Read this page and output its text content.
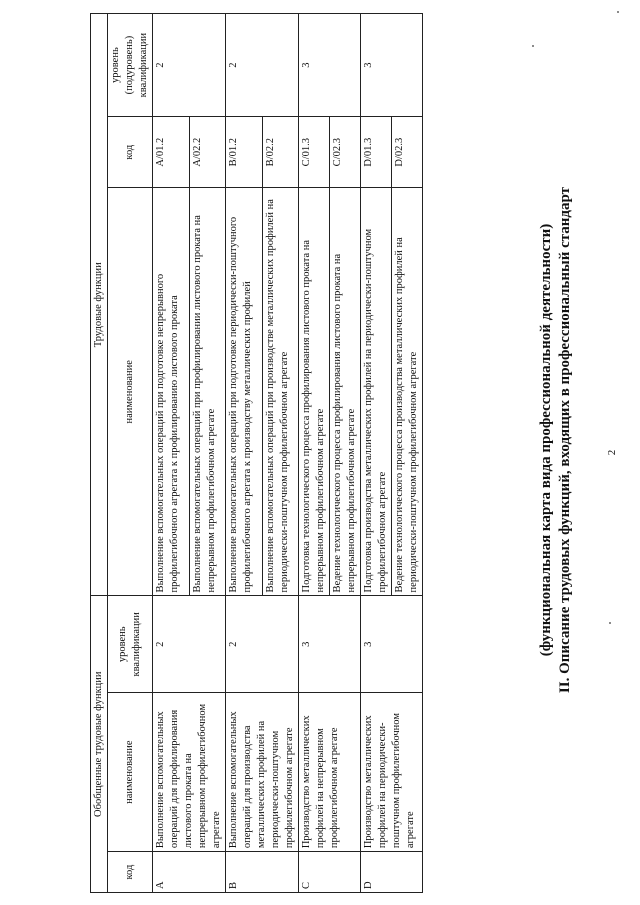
2
II. Описание трудовых функций, входящих в профессиональный стандарт
(функциональная карта вида профессиональной деятельности)
Обобщенные трудовые функции			Трудовые функции		
код	наименование	уровень квалификации	наименование	код	уровень (подуровень) квалификации
A	Выполнение вспомогательных операций для профилирования листового проката на непрерывном профилегибочном агрегате	2	Выполнение вспомогательных операций при подготовке непрерывного профилегибочного агрегата к профилированию листового проката	A/01.2	2
			Выполнение вспомогательных операций при профилировании листового проката на непрерывном профилегибочном агрегате	A/02.2	
B	Выполнение вспомогательных операций для производства металлических профилей на периодически-поштучном профилегибочном агрегате	2	Выполнение вспомогательных операций при подготовке периодически-поштучного профилегибочного агрегата к производству металлических профилей	B/01.2	2
			Выполнение вспомогательных операций при производстве металлических профилей на периодически-поштучном профилегибочном агрегате	B/02.2	
C	Производство металлических профилей на непрерывном профилегибочном агрегате	3	Подготовка технологического процесса профилирования листового проката на непрерывном профилегибочном агрегате	C/01.3	3
			Ведение технологического процесса профилирования листового проката на непрерывном профилегибочном агрегате	C/02.3	
D	Производство металлических профилей на периодически-поштучном профилегибочном агрегате	3	Подготовка производства металлических профилей на периодически-поштучном профилегибочном агрегате	D/01.3	3
			Ведение технологического процесса производства металлических профилей на периодически-поштучном профилегибочном агрегате	D/02.3	
